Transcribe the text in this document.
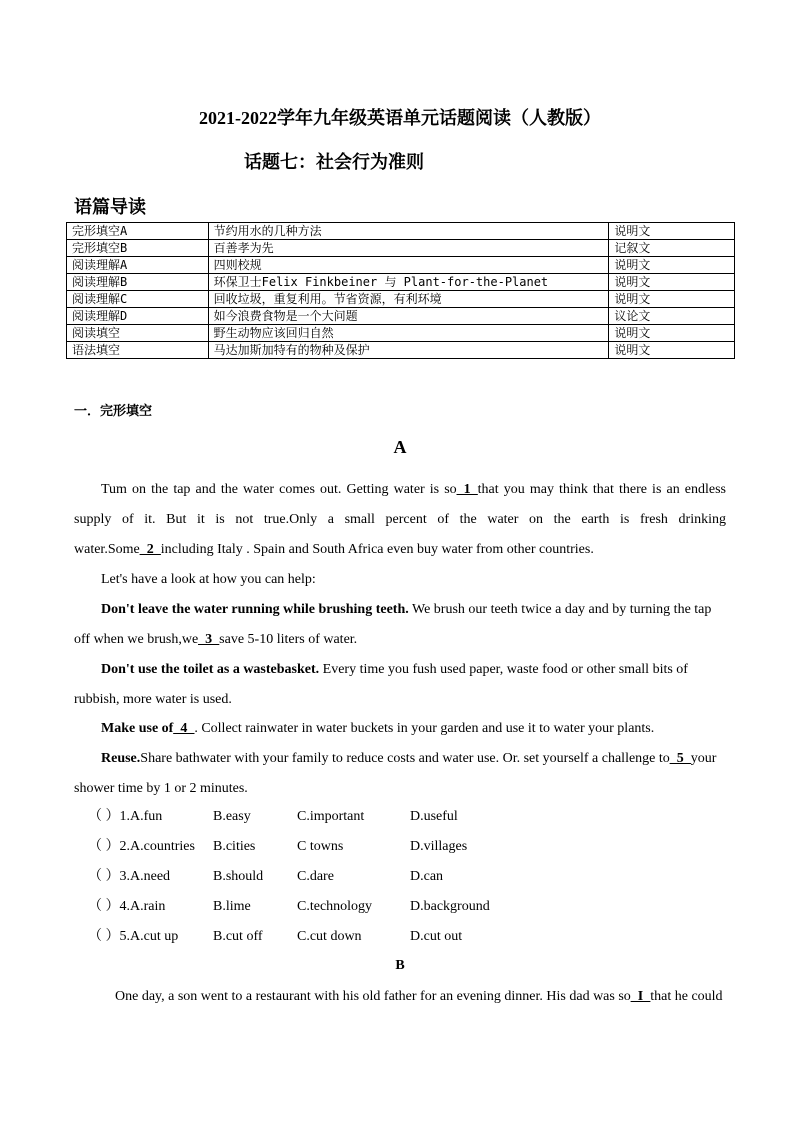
2021-2022学年九年级英语单元话题阅读（人教版）
话题七：社会行为准则
语篇导读
完形填空A	节约用水的几种方法	说明文
完形填空B	百善孝为先	记叙文
阅读理解A	四则校规	说明文
阅读理解B	环保卫士Felix Finkbeiner 与 Plant-for-the-Planet	说明文
阅读理解C	回收垃圾，重复利用。节省资源，有利环境	说明文
阅读理解D	如今浪费食物是一个大问题	议论文
阅读填空	野生动物应该回归自然	说明文
语法填空	马达加斯加特有的物种及保护	说明文
一．完形填空
A
Tum on the tap and the water comes out. Getting water is so_1_that you may think that there is an endless supply of it. But it is not true.Only a small percent of the water on the earth is fresh drinking water.Some_2_including Italy . Spain and South Africa even buy water from other countries.
Let's have a look at how you can help:
Don't leave the water running while brushing teeth. We brush our teeth twice a day and by turning the tap off when we brush,we_3_save 5-10 liters of water.
Don't use the toilet as a wastebasket. Every time you fush used paper, waste food or other small bits of rubbish, more water is used.
Make use of_4_. Collect rainwater in water buckets in your garden and use it to water your plants.
Reuse.Share bathwater with your family to reduce costs and water use. Or. set yourself a challenge to_5_your shower time by 1 or 2 minutes.
（ ）1.A.fun	B.easy	C.important	D.useful
（ ）2.A.countries B.cities	C towns	D.villages
（ ）3.A.need	B.should C.dare	D.can
（ ）4.A.rain	B.lime	C.technology	D.background
（ ）5.A.cut up B.cut off C.cut down	D.cut out
B
One day, a son went to a restaurant with his old father for an evening dinner. His dad was so_I_that he could
